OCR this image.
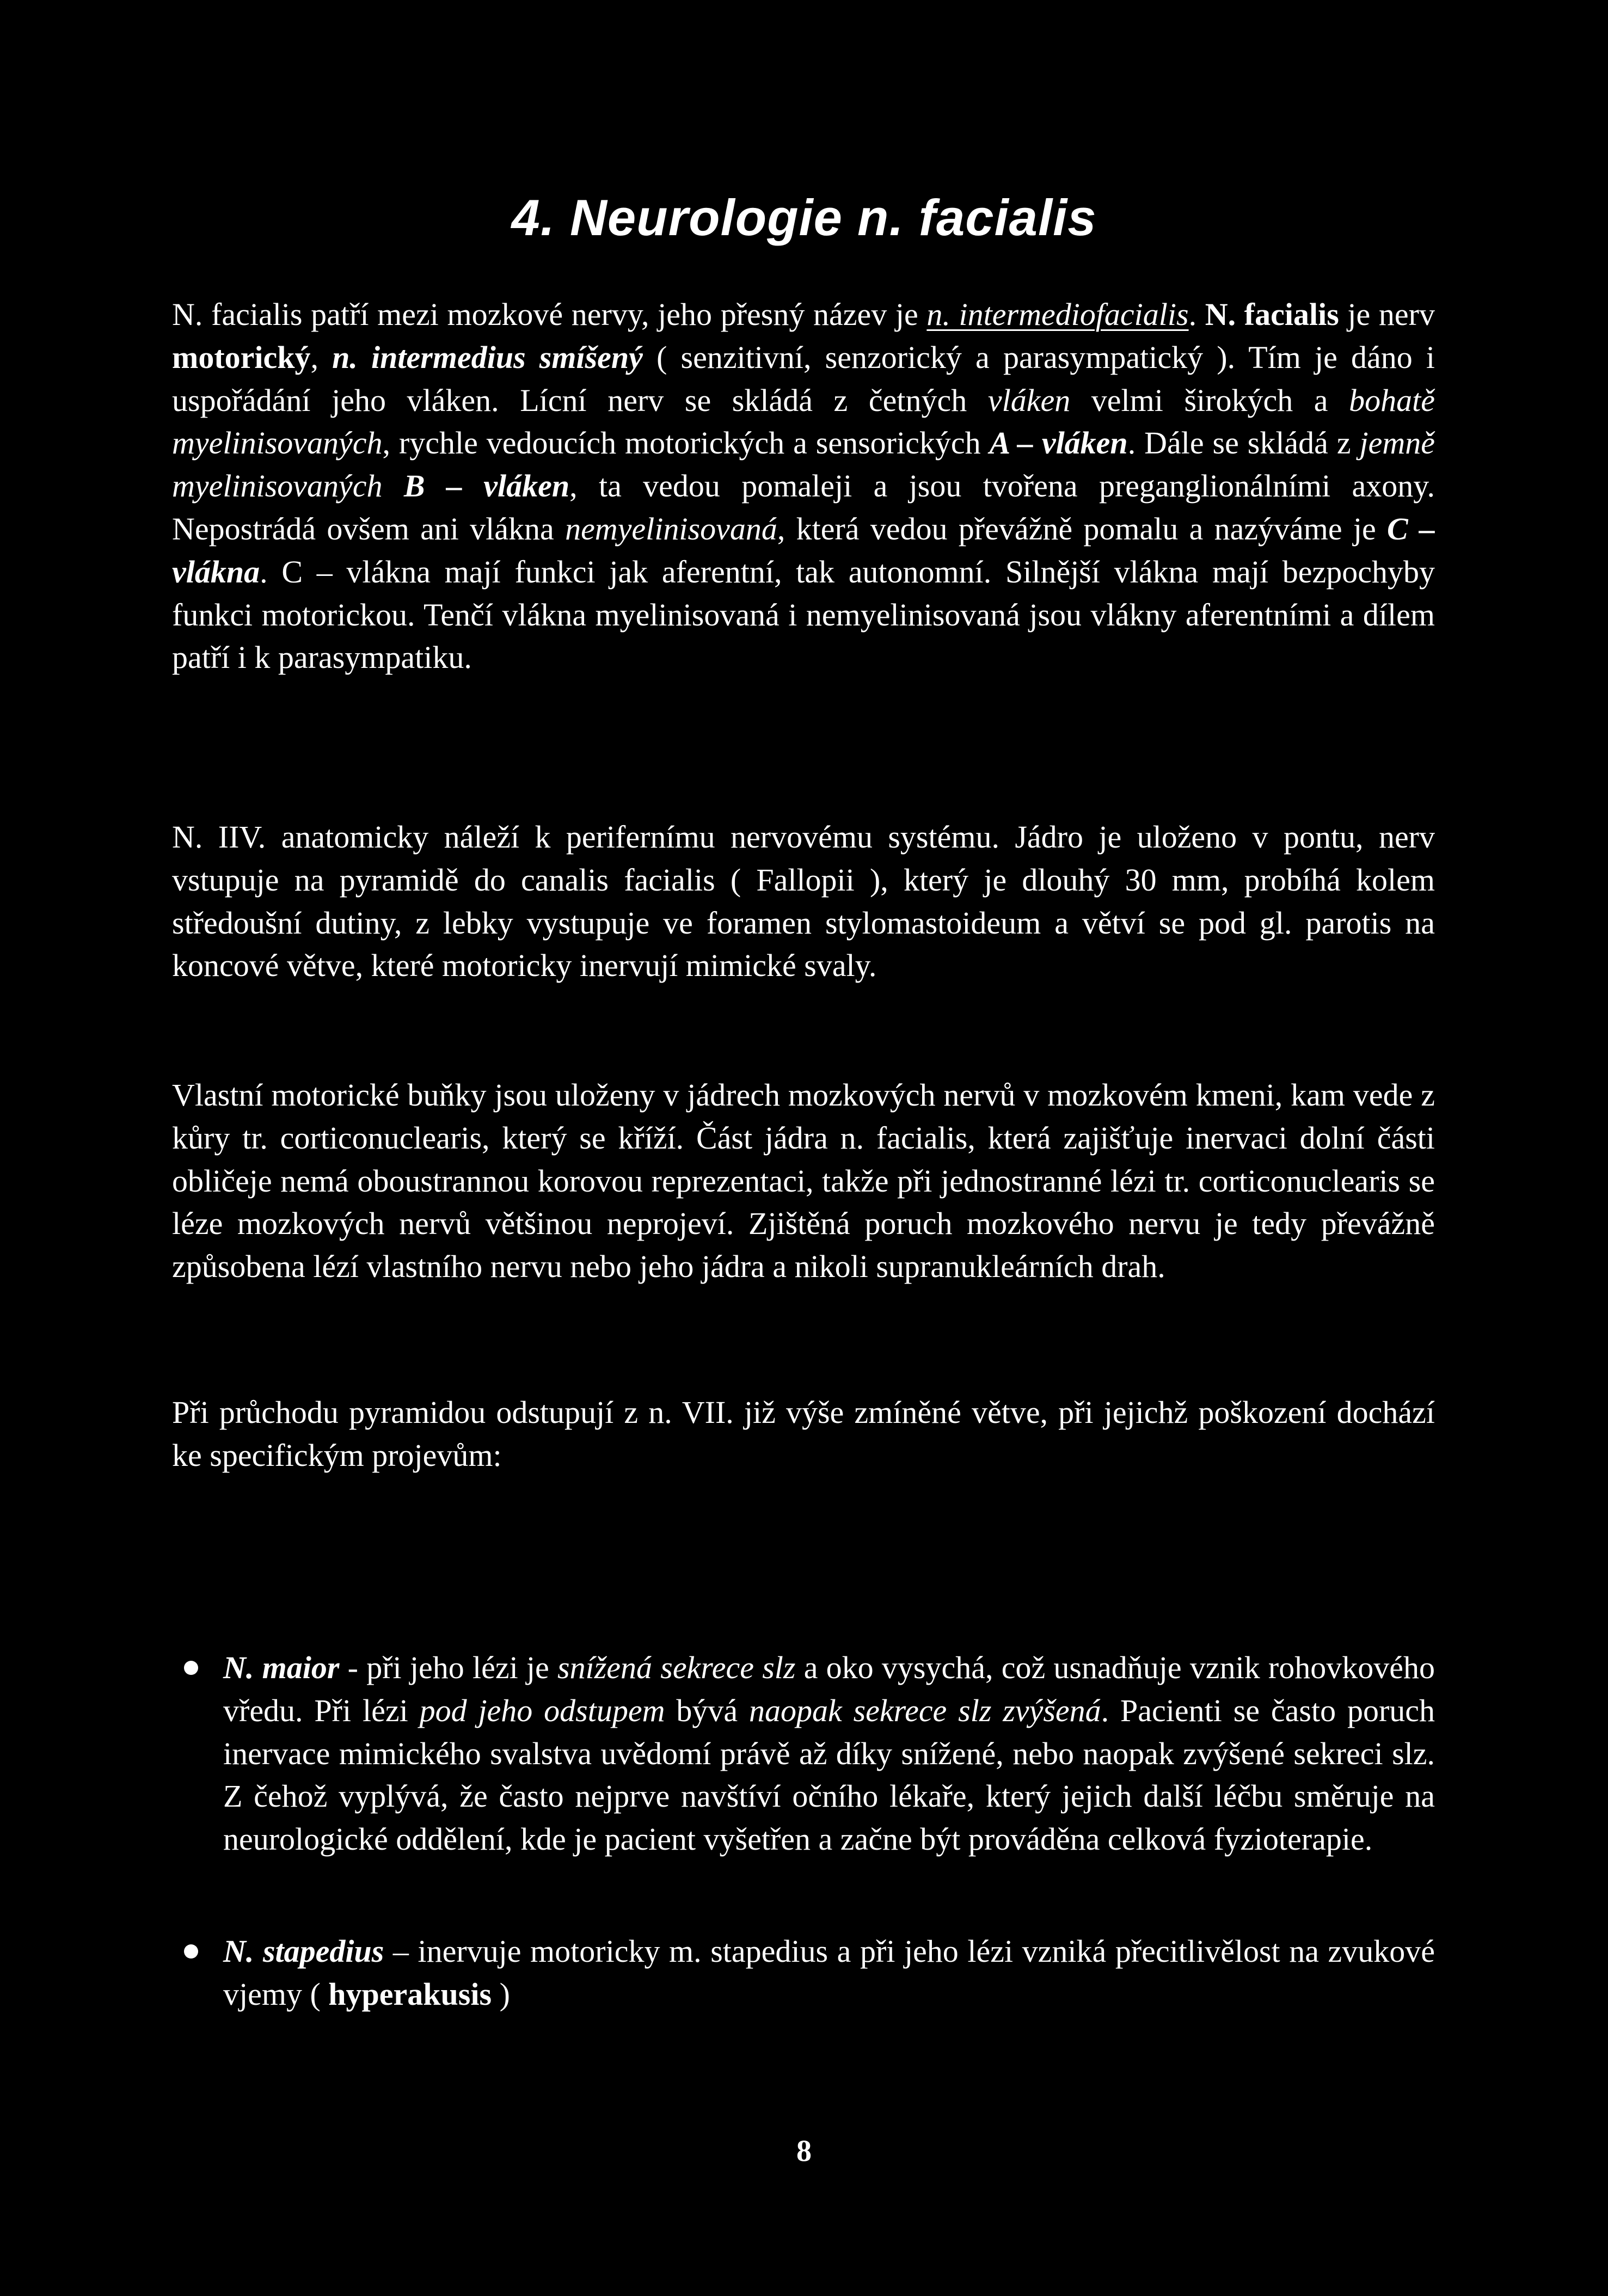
4. Neurologie n. facialis

N. facialis patří mezi mozkové nervy, jeho přesný název je n. intermediofacialis. N. facialis je nerv motorický, n. intermedius smíšený ( senzitivní, senzorický a parasympatický ). Tím je dáno i uspořádání jeho vláken. Lícní nerv se skládá z četných vláken velmi širokých a bohatě myelinisovaných, rychle vedoucích motorických a sensorických A – vláken. Dále se skládá z jemně myelinisovaných B – vláken, ta vedou pomaleji a jsou tvořena preganglionálními axony. Nepostrádá ovšem ani vlákna nemyelinisovaná, která vedou převážně pomalu a nazýváme je C – vlákna. C – vlákna mají funkci jak aferentní, tak autonomní. Silnější vlákna mají bezpochyby funkci motorickou. Tenčí vlákna myelinisovaná i nemyelinisovaná jsou vlákny aferentními a dílem patří i k parasympatiku.

N. IIV. anatomicky náleží k perifernímu nervovému systému. Jádro je uloženo v pontu, nerv vstupuje na pyramidě do canalis facialis ( Fallopii ), který je dlouhý 30 mm, probíhá kolem středoušní dutiny, z lebky vystupuje ve foramen stylomastoideum a větví se pod gl. parotis na koncové větve, které motoricky inervují mimické svaly.

Vlastní motorické buňky jsou uloženy v jádrech mozkových nervů v mozkovém kmeni, kam vede z kůry tr. corticonuclearis, který se kříží. Část jádra n. facialis, která zajišťuje inervaci dolní části obličeje nemá oboustrannou korovou reprezentaci, takže při jednostranné lézi tr. corticonuclearis se léze mozkových nervů většinou neprojeví. Zjištěná poruch mozkového nervu je tedy převážně způsobena lézí vlastního nervu nebo jeho jádra a nikoli supranukleárních drah.

Při průchodu pyramidou odstupují z n. VII. již výše zmíněné větve, při jejichž poškození dochází ke specifickým projevům:

N. maior - při jeho lézi je snížená sekrece slz a oko vysychá, což usnadňuje vznik rohovkového vředu. Při lézi pod jeho odstupem bývá naopak sekrece slz zvýšená. Pacienti se často poruch inervace mimického svalstva uvědomí právě až díky snížené, nebo naopak zvýšené sekreci slz. Z čehož vyplývá, že často nejprve navštíví očního lékaře, který jejich další léčbu směruje na neurologické oddělení, kde je pacient vyšetřen a začne být prováděna celková fyzioterapie.
N. stapedius – inervuje motoricky m. stapedius a při jeho lézi vzniká přecitlivělost na zvukové vjemy ( hyperakusis )
8
